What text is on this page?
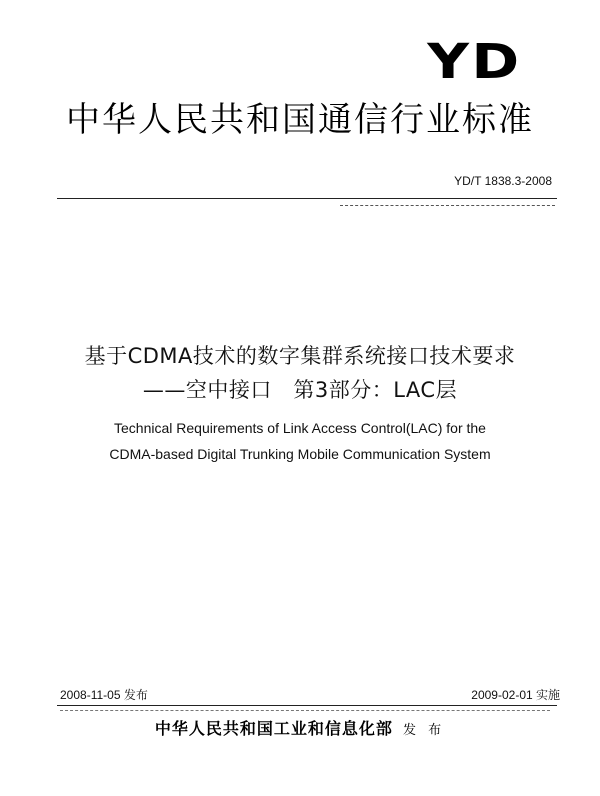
YD
中华人民共和国通信行业标准
YD/T 1838.3-2008
基于CDMA技术的数字集群系统接口技术要求
——空中接口　第3部分：LAC层
Technical Requirements of Link Access Control(LAC) for the
CDMA-based Digital Trunking Mobile Communication System
2008-11-05 发布	2009-02-01 实施
中华人民共和国工业和信息化部 发 布
